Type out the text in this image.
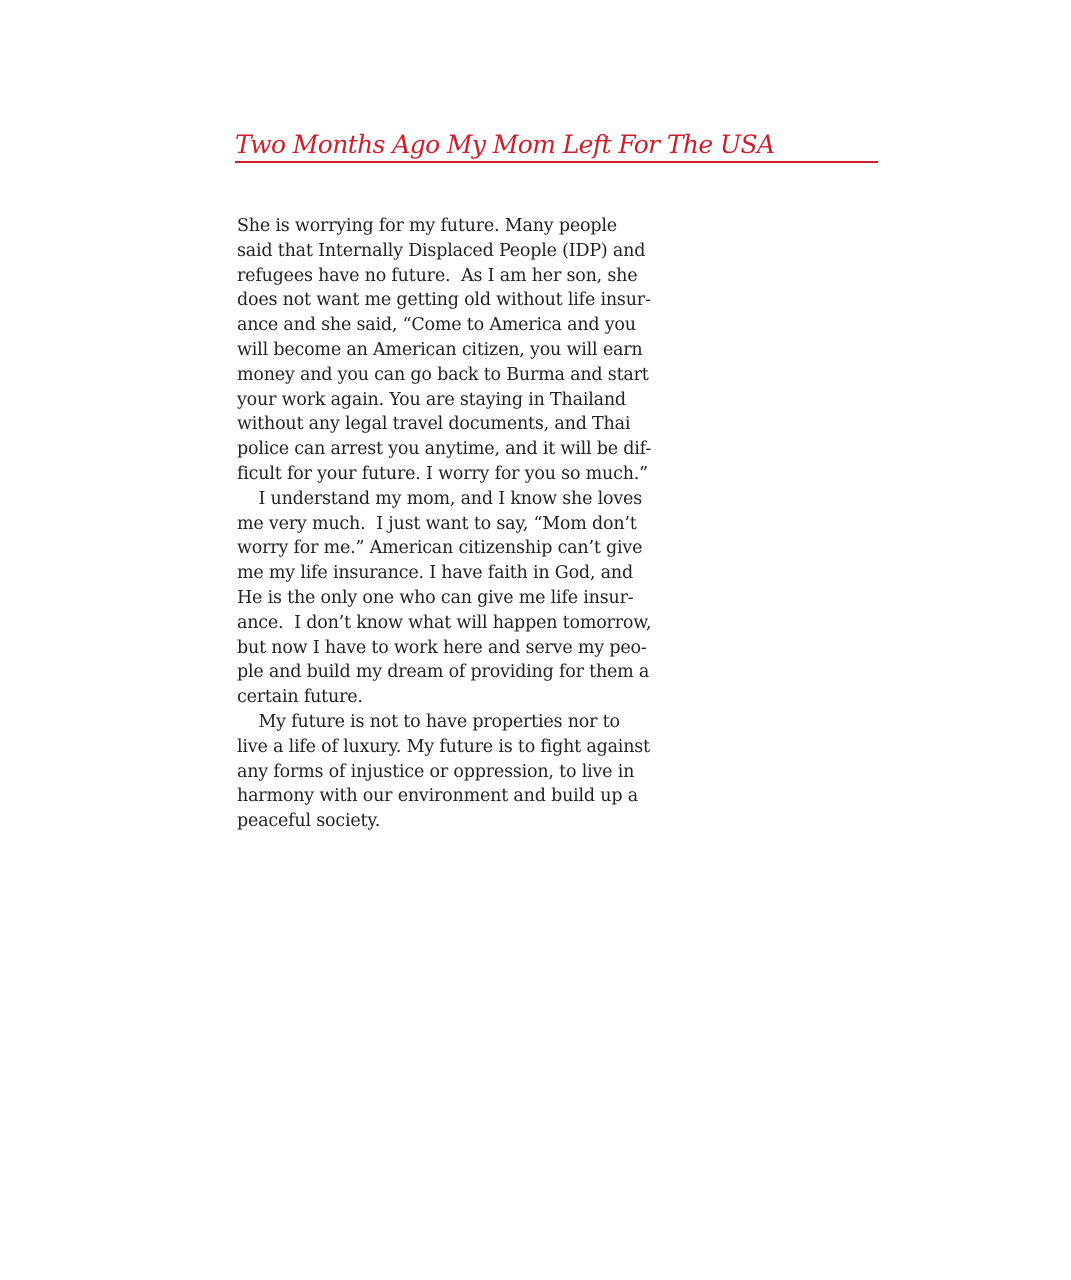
Two Months Ago My Mom Left For The USA
She is worrying for my future. Many people
said that Internally Displaced People (IDP) and
refugees have no future.  As I am her son, she
does not want me getting old without life insur-
ance and she said, “Come to America and you
will become an American citizen, you will earn
money and you can go back to Burma and start
your work again. You are staying in Thailand
without any legal travel documents, and Thai
police can arrest you anytime, and it will be dif-
ficult for your future. I worry for you so much.”
I understand my mom, and I know she loves
me very much.  I just want to say, “Mom don’t
worry for me.” American citizenship can’t give
me my life insurance. I have faith in God, and
He is the only one who can give me life insur-
ance.  I don’t know what will happen tomorrow,
but now I have to work here and serve my peo-
ple and build my dream of providing for them a
certain future.
My future is not to have properties nor to
live a life of luxury. My future is to fight against
any forms of injustice or oppression, to live in
harmony with our environment and build up a
peaceful society.
